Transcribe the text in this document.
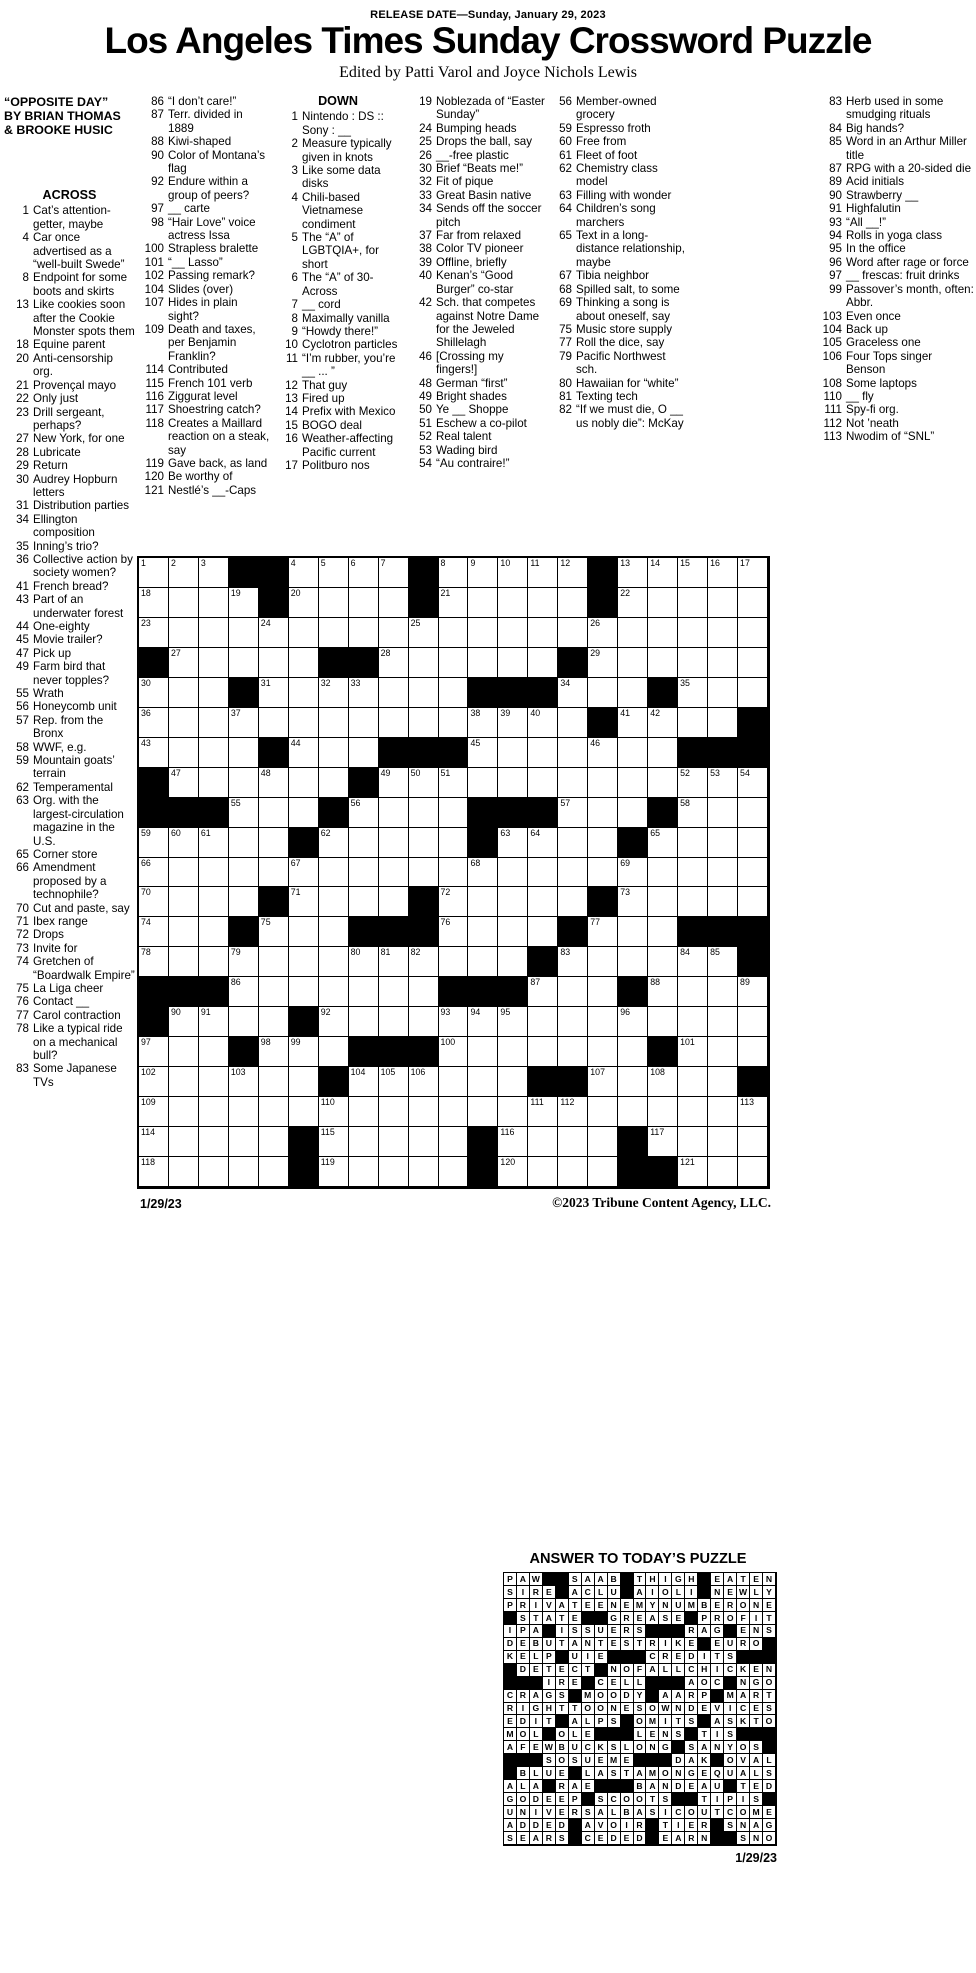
RELEASE DATE—Sunday, January 29, 2023
Los Angeles Times Sunday Crossword Puzzle
Edited by Patti Varol and Joyce Nichols Lewis
“OPPOSITE DAY”
BY BRIAN THOMAS
& BROOKE HUSIC
ACROSS
1 Cat’s attention-getter, maybe
4 Car once advertised as a “well-built Swede”
8 Endpoint for some boots and skirts
13 Like cookies soon after the Cookie Monster spots them
18 Equine parent
20 Anti-censorship org.
21 Provençal mayo
22 Only just
23 Drill sergeant, perhaps?
27 New York, for one
28 Lubricate
29 Return
30 Audrey Hopburn letters
31 Distribution parties
34 Ellington composition
35 Inning’s trio?
36 Collective action by society women?
41 French bread?
43 Part of an underwater forest
44 One-eighty
45 Movie trailer?
47 Pick up
49 Farm bird that never topples?
55 Wrath
56 Honeycomb unit
57 Rep. from the Bronx
58 WWF, e.g.
59 Mountain goats’ terrain
62 Temperamental
63 Org. with the largest-circulation magazine in the U.S.
65 Corner store
66 Amendment proposed by a technophile?
70 Cut and paste, say
71 Ibex range
72 Drops
73 Invite for
74 Gretchen of “Boardwalk Empire”
75 La Liga cheer
76 Contact __
77 Carol contraction
78 Like a typical ride on a mechanical bull?
83 Some Japanese TVs
86 “I don’t care!”
87 Terr. divided in 1889
88 Kiwi-shaped
90 Color of Montana’s flag
92 Endure within a group of peers?
97 __ carte
98 “Hair Love” voice actress Issa
100 Strapless bralette
101 “__ Lasso”
102 Passing remark?
104 Slides (over)
107 Hides in plain sight?
109 Death and taxes, per Benjamin Franklin?
114 Contributed
115 French 101 verb
116 Ziggurat level
117 Shoestring catch?
118 Creates a Maillard reaction on a steak, say
119 Gave back, as land
120 Be worthy of
121 Nestlé’s __-Caps
DOWN
1 Nintendo : DS :: Sony : __
2 Measure typically given in knots
3 Like some data disks
4 Chili-based Vietnamese condiment
5 The “A” of LGBTQIA+, for short
6 The “A” of 30-Across
7 __ cord
8 Maximally vanilla
9 “Howdy there!”
10 Cyclotron particles
11 “I’m rubber, you’re __ ... ”
12 That guy
13 Fired up
14 Prefix with Mexico
15 BOGO deal
16 Weather-affecting Pacific current
17 Politburo nos
19 Noblezada of “Easter Sunday”
24 Bumping heads
25 Drops the ball, say
26 __-free plastic
30 Brief “Beats me!”
32 Fit of pique
33 Great Basin native
34 Sends off the soccer pitch
37 Far from relaxed
38 Color TV pioneer
39 Offline, briefly
40 Kenan’s “Good Burger” co-star
42 Sch. that competes against Notre Dame for the Jeweled Shillelagh
46 [Crossing my fingers!]
48 German “first”
49 Bright shades
50 Ye __ Shoppe
51 Eschew a co-pilot
52 Real talent
53 Wading bird
54 “Au contraire!”
56 Member-owned grocery
59 Espresso froth
60 Free from
61 Fleet of foot
62 Chemistry class model
63 Filling with wonder
64 Children’s song marchers
65 Text in a long-distance relationship, maybe
67 Tibia neighbor
68 Spilled salt, to some
69 Thinking a song is about oneself, say
75 Music store supply
77 Roll the dice, say
79 Pacific Northwest sch.
80 Hawaiian for “white”
81 Texting tech
82 “If we must die, O __ us nobly die”: McKay
83 Herb used in some smudging rituals
84 Big hands?
85 Word in an Arthur Miller title
87 RPG with a 20-sided die
89 Acid initials
90 Strawberry __
91 Highfalutin
93 “All __!”
94 Rolls in yoga class
95 In the office
96 Word after rage or force
97 __ frescas: fruit drinks
99 Passover’s month, often: Abbr.
103 Even once
104 Back up
105 Graceless one
106 Four Tops singer Benson
108 Some laptops
110 __ fly
111 Spy-fi org.
112 Not ’neath
113 Nwodim of “SNL”
1	2	3	4	5	6	7	8	9	10 11 12	13 14 15 16 17
18	19	20	21	22
23	24	25	26
27	28	29
30	31	32 33	34	35
36	37	38 39 40	41 42
43	44	45	46
47	48	49 50 51	52 53 54
55	56	57	58
59 60 61	62	63 64	65
66	67	68	69
70	71	72	73
74	75	76	77
78	79	80 81 82	83	84 85
86	87	88	89
90 91	92	93 94 95	96
97	98 99	100	101
102	103	104 105 106	107	108
109	110	111 112	113
114	115	116	117
118	119	120	121
1/29/23	©2023 Tribune Content Agency, LLC.
ANSWER TO TODAY’S PUZZLE
P A W	S A A B	T H	I G H	E A T E N
S	I	R E	A C L U	A	I O L	I	N E W L Y
P R	I	V A T E E N E M Y N U M B E R O N E
S T A T E	G R E A S E	P R O F	I	T
I	P A	I	S S U E R S	R A G	E N S
D E B U T A N T E S T R	I	K E	E U R O
K E L P	U	I	E	C R E D	I	T S
D E T E C T	N O F A L L C H	I	C K E N
I	R E	C E L L	A O C	N G O
C R A G S	M O O D Y	A A R P	M A R T
R	I G H T T O O N E S O W N D E V	I	C E S
E D	I	T	A L P S	O M I	T S	A S K T O
M O L	O L E	L E N S	T	I	S
A F E W B U C K S L O N G	S A N Y O S
S O S U E M E	D A K	O V A L
B L U E	L A S T A M O N G E Q U A L S
A L A	R A E	B A N D E A U	T E D
G O D E E P	S C O O T S	T	I	P	I	S
U N	I	V E R S A L B A S	I	C O U T C O M E
A D D E D	A V O I	R	T	I	E R	S N A G
S E A R S	C E D E D	E A R N	S N O
1/29/23
